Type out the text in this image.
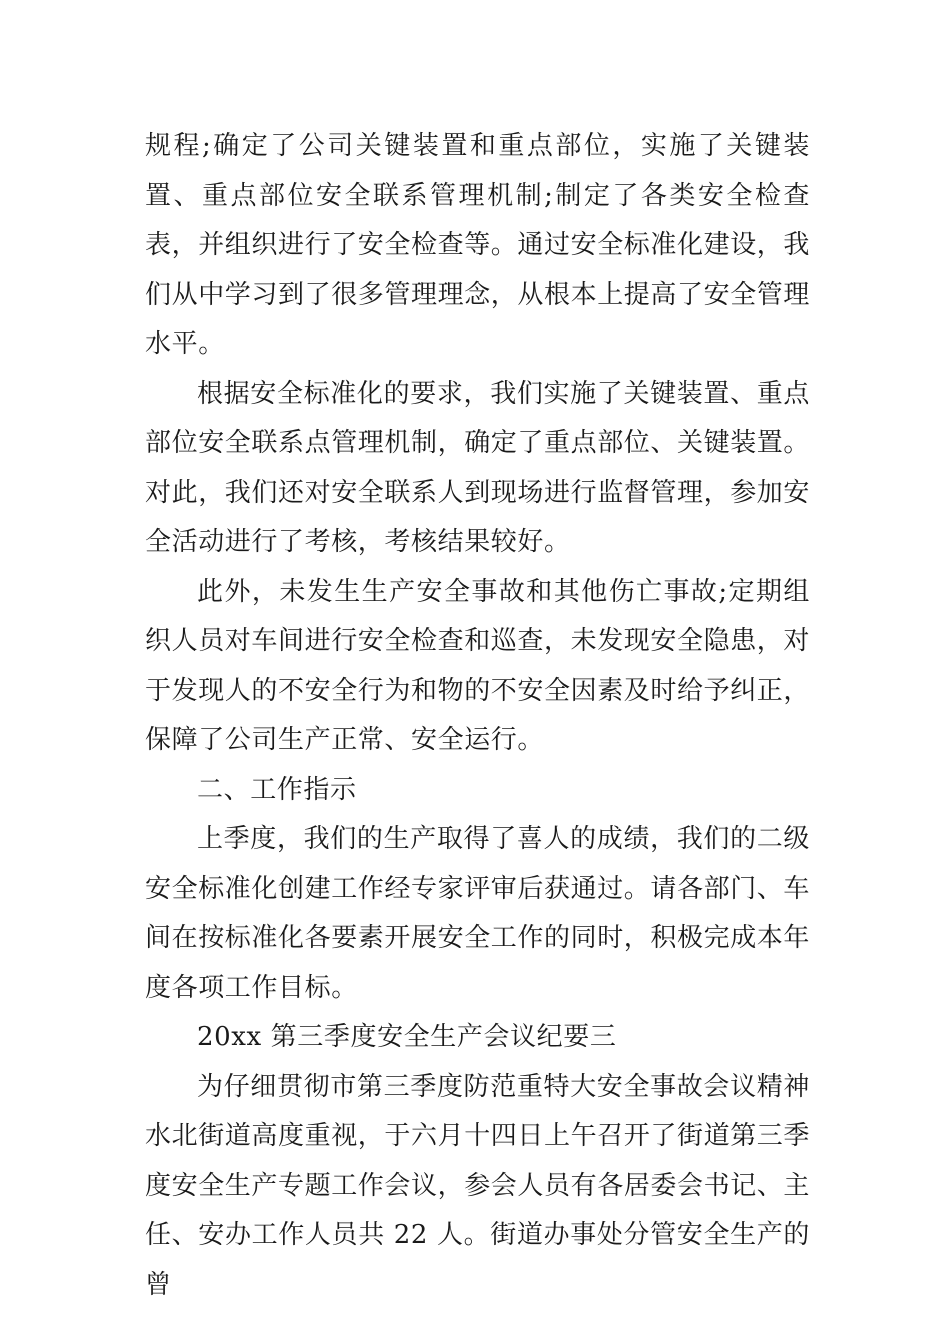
规程;确定了公司关键装置和重点部位，实施了关键装置、重点部位安全联系管理机制;制定了各类安全检查表，并组织进行了安全检查等。通过安全标准化建设，我们从中学习到了很多管理理念，从根本上提高了安全管理水平。

根据安全标准化的要求，我们实施了关键装置、重点部位安全联系点管理机制，确定了重点部位、关键装置。对此，我们还对安全联系人到现场进行监督管理，参加安全活动进行了考核，考核结果较好。

此外，未发生生产安全事故和其他伤亡事故;定期组织人员对车间进行安全检查和巡查，未发现安全隐患，对于发现人的不安全行为和物的不安全因素及时给予纠正，保障了公司生产正常、安全运行。

二、工作指示

上季度，我们的生产取得了喜人的成绩，我们的二级安全标准化创建工作经专家评审后获通过。请各部门、车间在按标准化各要素开展安全工作的同时，积极完成本年度各项工作目标。

20xx 第三季度安全生产会议纪要三

为仔细贯彻市第三季度防范重特大安全事故会议精神水北街道高度重视，于六月十四日上午召开了街道第三季度安全生产专题工作会议，参会人员有各居委会书记、主任、安办工作人员共 22 人。街道办事处分管安全生产的曾
